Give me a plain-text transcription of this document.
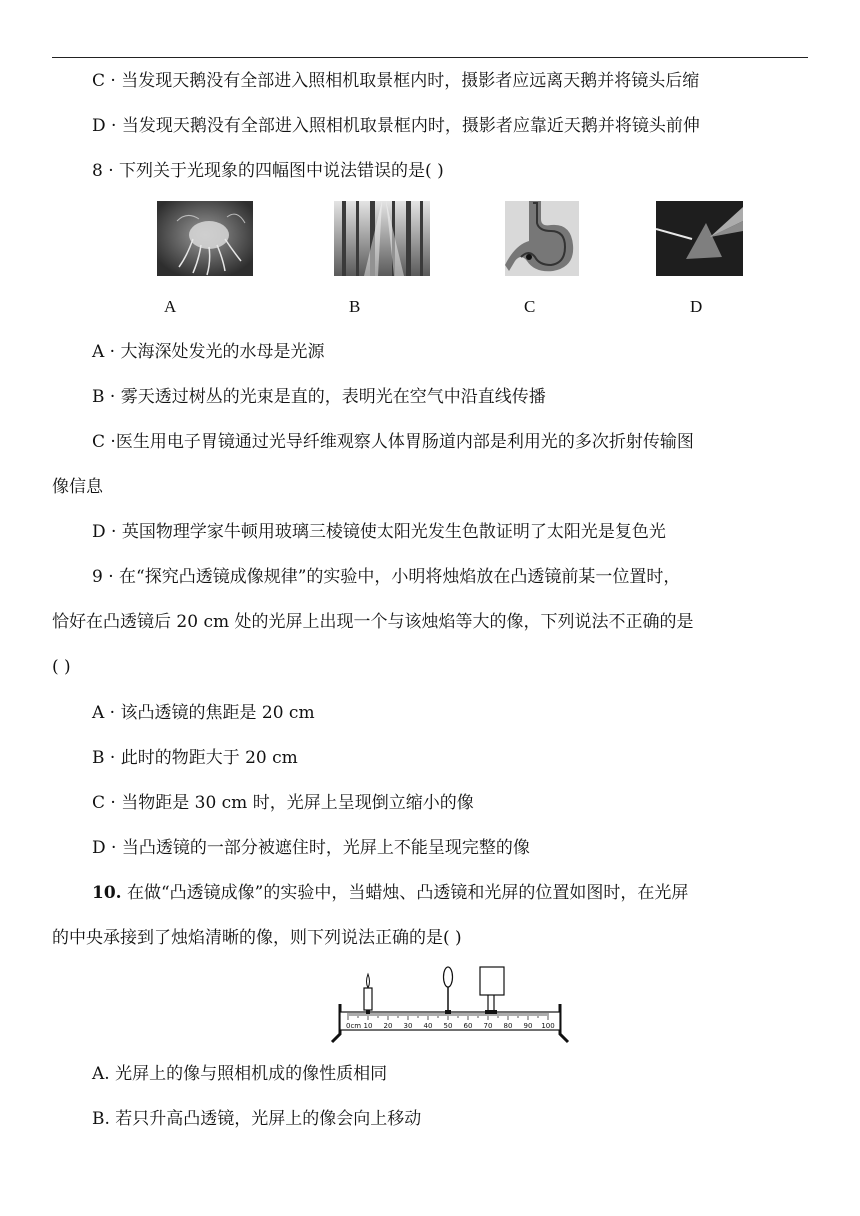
C · 当发现天鹅没有全部进入照相机取景框内时，摄影者应远离天鹅并将镜头后缩
D · 当发现天鹅没有全部进入照相机取景框内时，摄影者应靠近天鹅并将镜头前伸
8 · 下列关于光现象的四幅图中说法错误的是( )
A	B	C	D
A · 大海深处发光的水母是光源
B · 雾天透过树丛的光束是直的，表明光在空气中沿直线传播
C ·医生用电子胃镜通过光导纤维观察人体胃肠道内部是利用光的多次折射传输图
像信息
D · 英国物理学家牛顿用玻璃三棱镜使太阳光发生色散证明了太阳光是复色光
9 · 在“探究凸透镜成像规律”的实验中，小明将烛焰放在凸透镜前某一位置时，
恰好在凸透镜后 20 cm 处的光屏上出现一个与该烛焰等大的像，下列说法不正确的是
( )
A · 该凸透镜的焦距是 20 cm
B · 此时的物距大于 20 cm
C · 当物距是 30 cm 时，光屏上呈现倒立缩小的像
D · 当凸透镜的一部分被遮住时，光屏上不能呈现完整的像
10. 在做“凸透镜成像”的实验中，当蜡烛、凸透镜和光屏的位置如图时，在光屏
的中央承接到了烛焰清晰的像，则下列说法正确的是( )
0cm 10 20 30 40 50 60 70 80 90 100
A. 光屏上的像与照相机成的像性质相同
B. 若只升高凸透镜，光屏上的像会向上移动
